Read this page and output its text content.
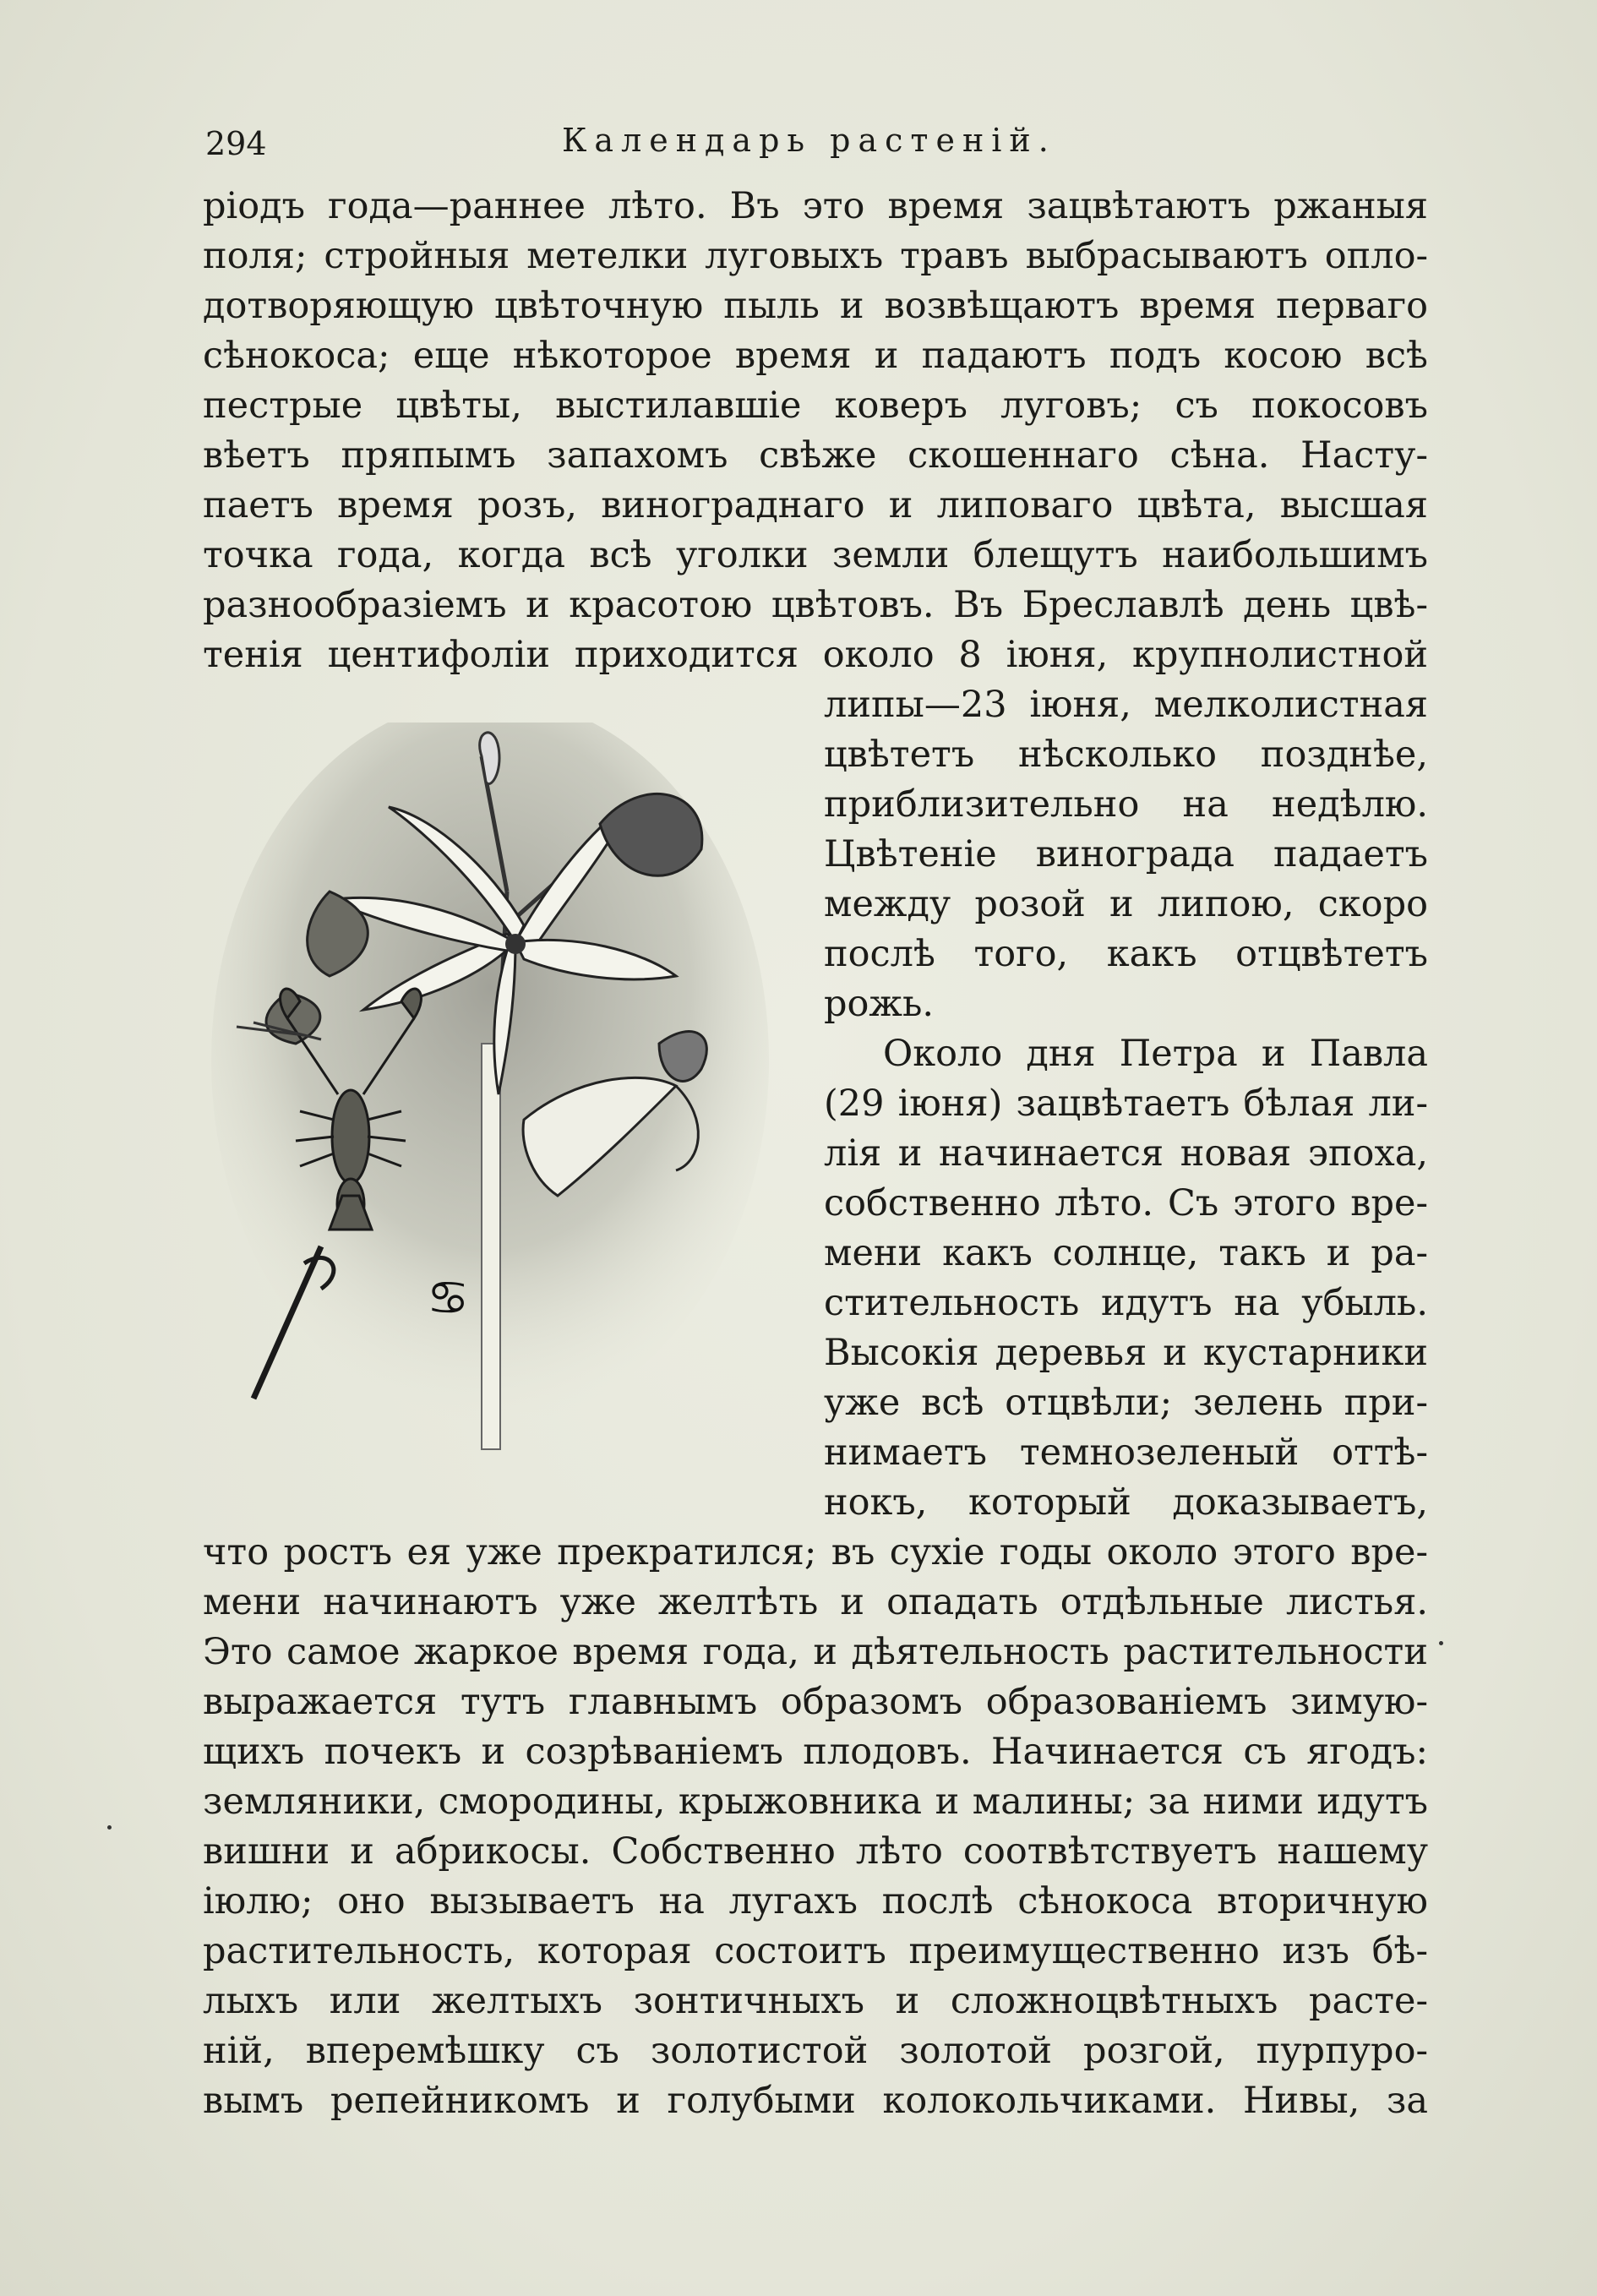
294	Календарь растеній.
ріодъ года—раннее лѣто. Въ это время зацвѣтаютъ ржаныя
поля; стройныя метелки луговыхъ травъ выбрасываютъ опло-
дотворяющую цвѣточную пыль и возвѣщаютъ время перваго
сѣнокоса; еще нѣкоторое время и падаютъ подъ косою всѣ
пестрые цвѣты, выстилавшіе коверъ луговъ; съ покосовъ
вѣетъ пряпымъ запахомъ свѣже скошеннаго сѣна. Насту-
паетъ время розъ, винограднаго и липоваго цвѣта, высшая
точка года, когда всѣ уголки земли блещутъ наибольшимъ
разнообразіемъ и красотою цвѣтовъ. Въ Бреславлѣ день цвѣ-
тенія центифоліи приходится около 8 іюня, крупнолистной
липы—23 іюня, мелколистная
цвѣтетъ нѣсколько позднѣе,
приблизительно на недѣлю.
Цвѣтеніе винограда падаетъ
между розой и липою, скоро
послѣ того, какъ отцвѣтетъ
рожь.
Около дня Петра и Павла
(29 іюня) зацвѣтаетъ бѣлая ли-
лія и начинается новая эпоха,
собственно лѣто. Съ этого вре-
мени какъ солнце, такъ и ра-
стительность идутъ на убыль.
Высокія деревья и кустарники
уже всѣ отцвѣли; зелень при-
нимаетъ темнозеленый оттѣ-
нокъ, который доказываетъ,
что ростъ ея уже прекратился; въ сухіе годы около этого вре-
мени начинаютъ уже желтѣть и опадать отдѣльные листья.
Это самое жаркое время года, и дѣятельность растительности
выражается тутъ главнымъ образомъ образованіемъ зимую-
щихъ почекъ и созрѣваніемъ плодовъ. Начинается съ ягодъ:
земляники, смородины, крыжовника и малины; за ними идутъ
вишни и абрикосы. Собственно лѣто соотвѣтствуетъ нашему
іюлю; оно вызываетъ на лугахъ послѣ сѣнокоса вторичную
растительность, которая состоитъ преимущественно изъ бѣ-
лыхъ или желтыхъ зонтичныхъ и сложноцвѣтныхъ расте-
ній, вперемѣшку съ золотистой золотой розгой, пурпуро-
вымъ репейникомъ и голубыми колокольчиками. Нивы, за
♋
